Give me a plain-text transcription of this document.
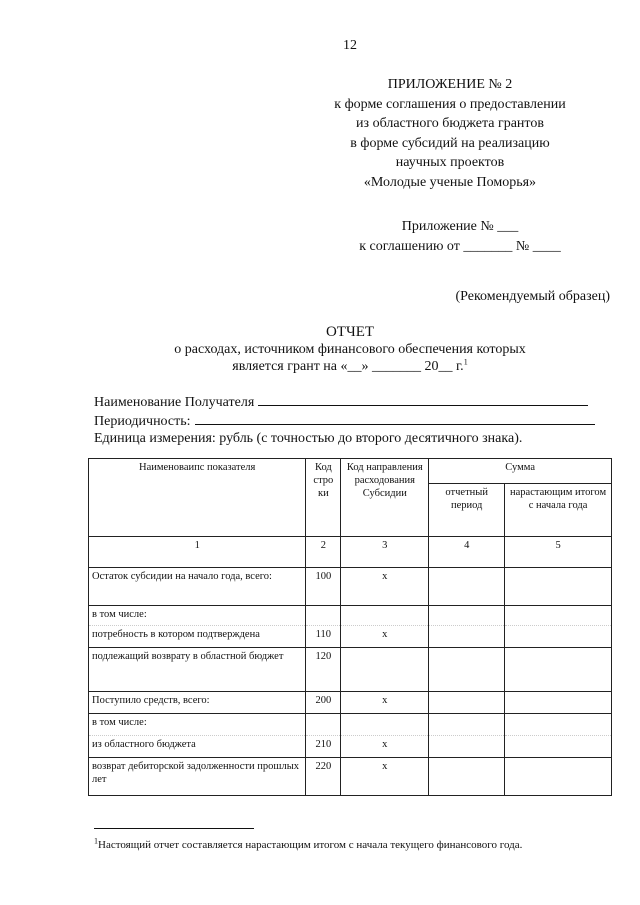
12
ПРИЛОЖЕНИЕ № 2
к форме соглашения о предоставлении
из областного бюджета грантов
в форме субсидий на реализацию
научных проектов
«Молодые ученые Поморья»
Приложение № ___
к соглашению от _______ № ____
(Рекомендуемый образец)
ОТЧЕТ
о расходах, источником финансового обеспечения которых
является грант на «__» _______ 20__ г.$^1$
Наименование Получателя
Периодичность:
Единица измерения: рубль (с точностью до второго десятичного знака).
Наименоваипс показателя	Код стро ки	Код направления расходования Субсидии	Сумма	
			отчетный период	нарастающим итогом с начала года
1	2	3	4	5
Остаток субсидии на начало года, всего:	100	x		
в том числе:				
потребность в котором подтверждена	110	x		
подлежащий возврату в областной бюджет	120			
Поступило средств, всего:	200	x		
в том числе:				
из областного бюджета	210	x		
возврат дебиторской задолженности прошлых лет	220	x		
$^1$Настоящий отчет составляется нарастающим итогом с начала текущего финансового года.
